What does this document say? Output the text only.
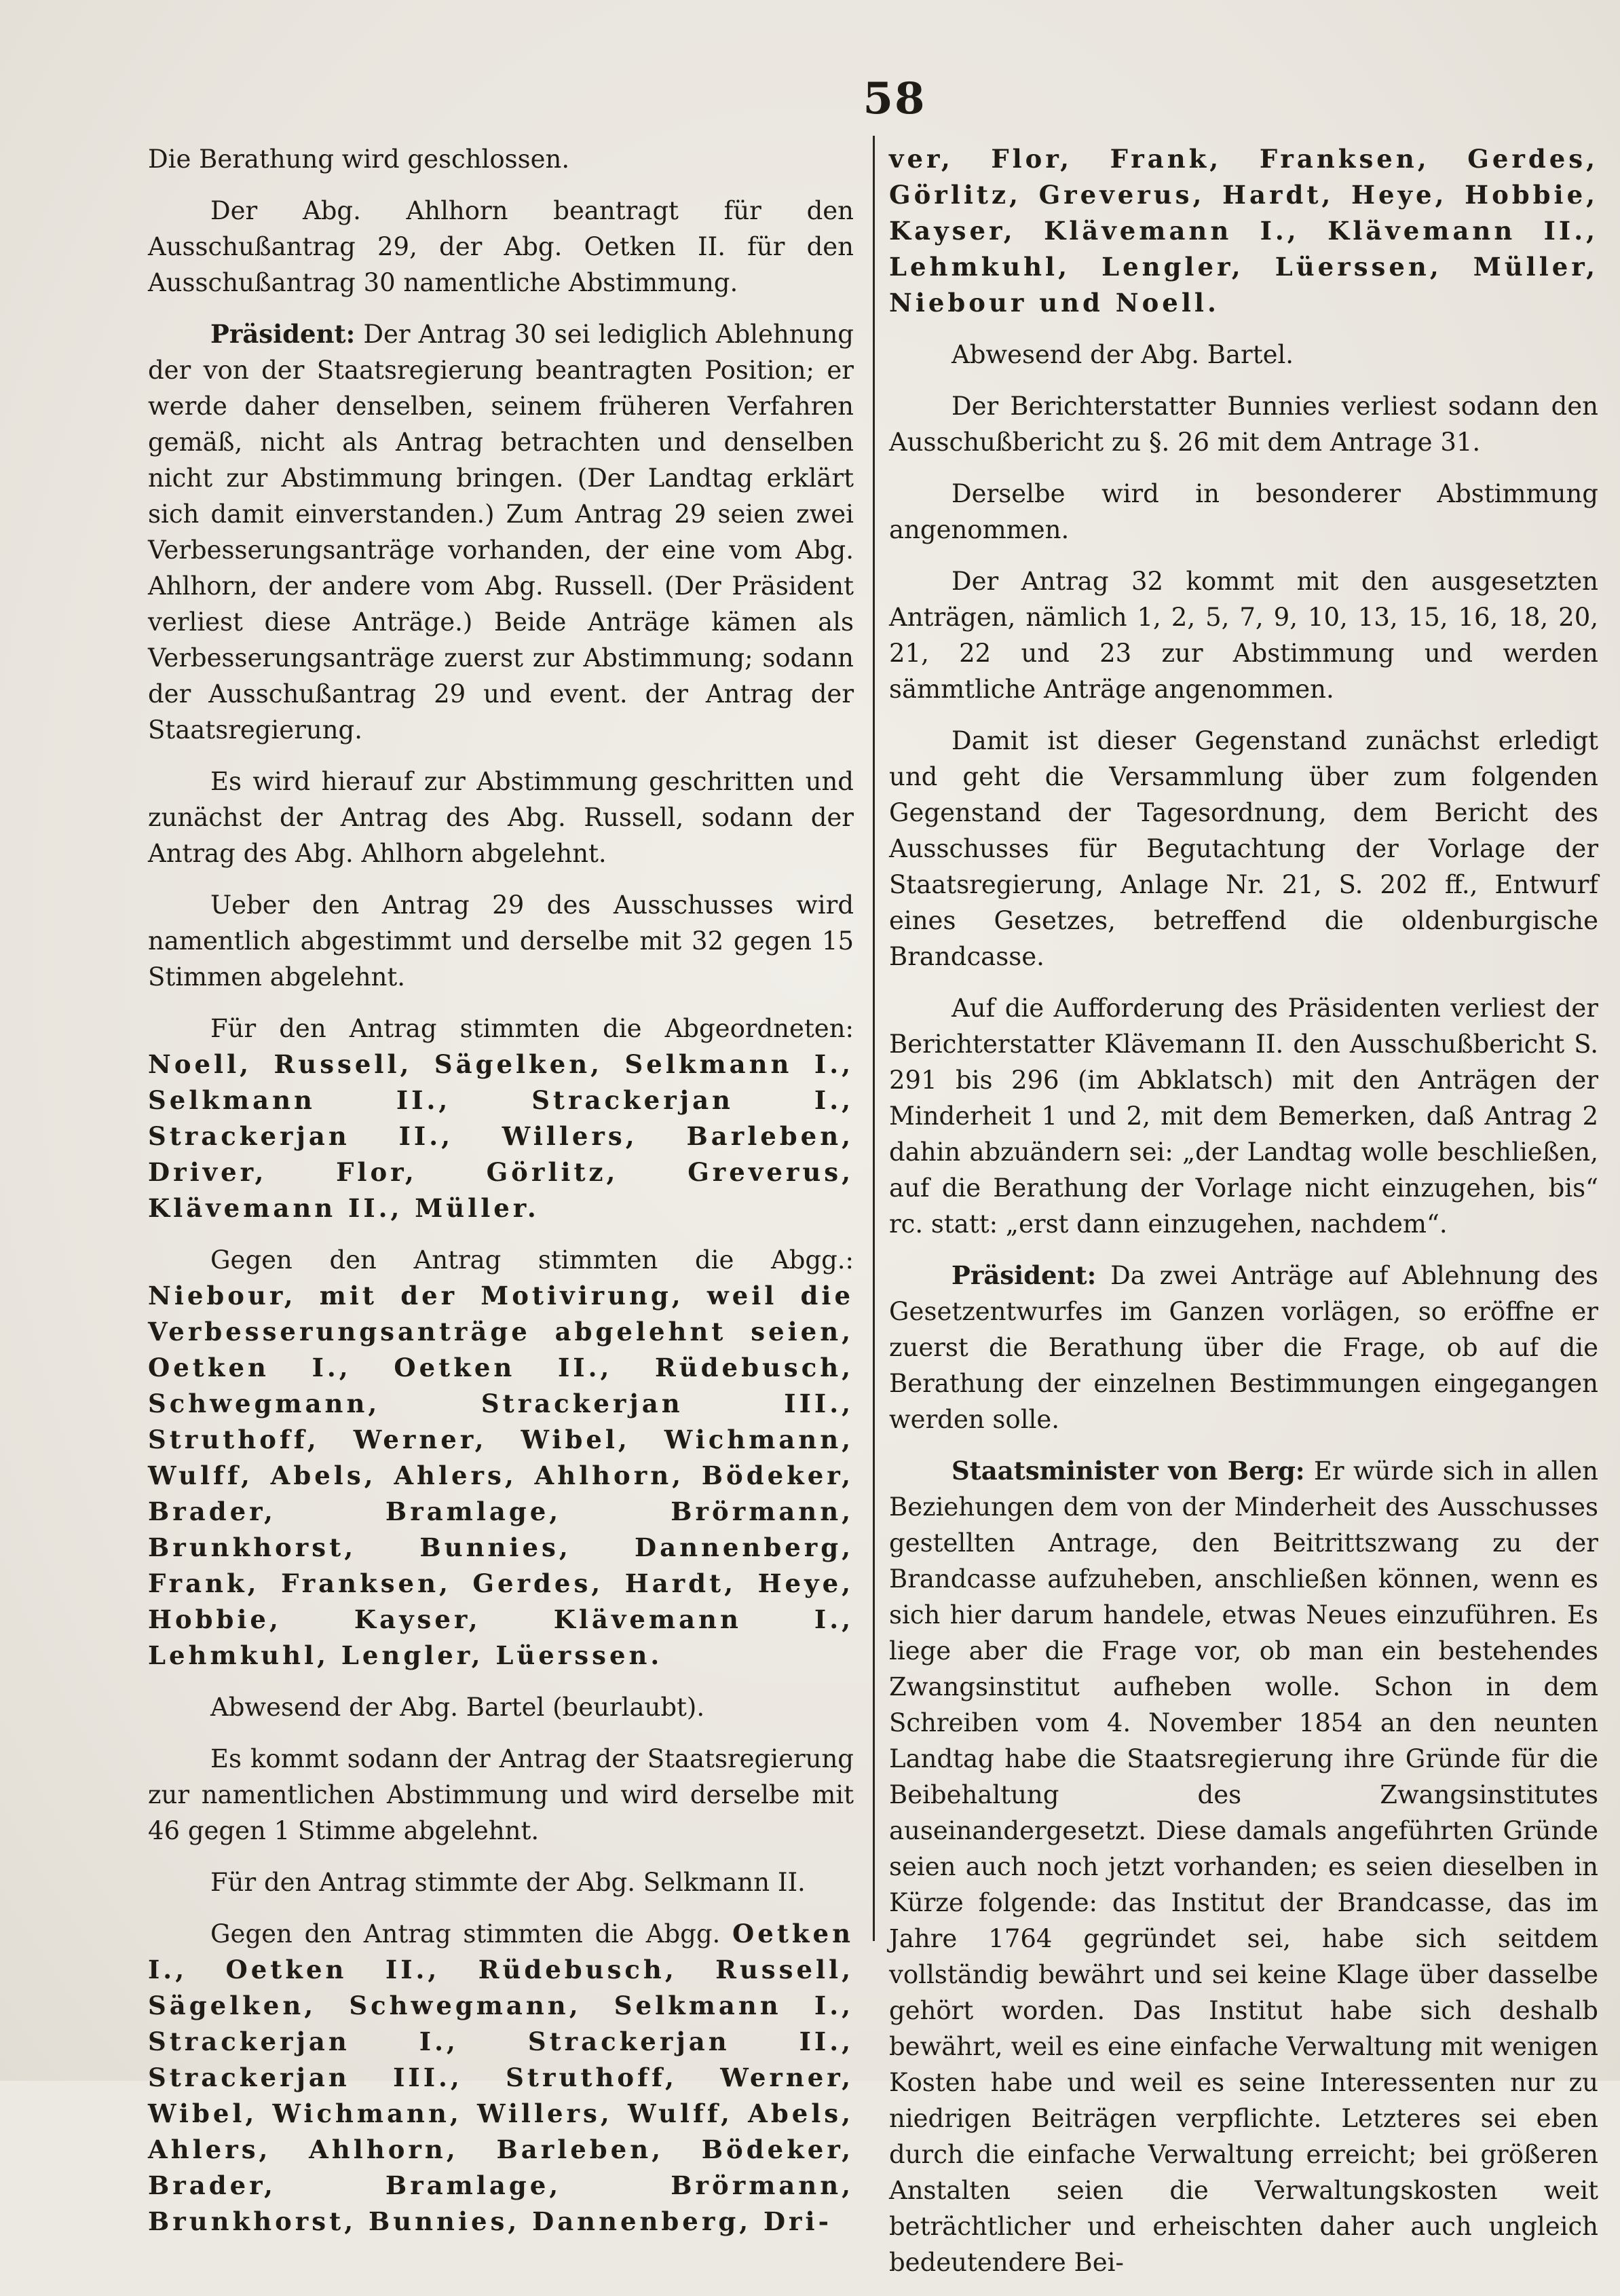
58

Die Berathung wird geschlossen.

Der Abg. Ahlhorn beantragt für den Ausschußantrag 29, der Abg. Oetken II. für den Ausschußantrag 30 namentliche Abstimmung.

Präsident: Der Antrag 30 sei lediglich Ablehnung der von der Staatsregierung beantragten Position; er werde daher denselben, seinem früheren Verfahren gemäß, nicht als Antrag betrachten und denselben nicht zur Abstimmung bringen. (Der Landtag erklärt sich damit einverstanden.) Zum Antrag 29 seien zwei Verbesserungsanträge vorhanden, der eine vom Abg. Ahlhorn, der andere vom Abg. Russell. (Der Präsident verliest diese Anträge.) Beide Anträge kämen als Verbesserungsanträge zuerst zur Abstimmung; sodann der Ausschußantrag 29 und event. der Antrag der Staatsregierung.

Es wird hierauf zur Abstimmung geschritten und zunächst der Antrag des Abg. Russell, sodann der Antrag des Abg. Ahlhorn abgelehnt.

Ueber den Antrag 29 des Ausschusses wird namentlich abgestimmt und derselbe mit 32 gegen 15 Stimmen abgelehnt.

Für den Antrag stimmten die Abgeordneten: Noell, Russell, Sägelken, Selkmann I., Selkmann II., Strackerjan I., Strackerjan II., Willers, Barleben, Driver, Flor, Görlitz, Greverus, Klävemann II., Müller.

Gegen den Antrag stimmten die Abgg.: Niebour, mit der Motivirung, weil die Verbesserungsanträge abgelehnt seien, Oetken I., Oetken II., Rüdebusch, Schwegmann, Strackerjan III., Struthoff, Werner, Wibel, Wichmann, Wulff, Abels, Ahlers, Ahlhorn, Bödeker, Brader, Bramlage, Brörmann, Brunkhorst, Bunnies, Dannenberg, Frank, Franksen, Gerdes, Hardt, Heye, Hobbie, Kayser, Klävemann I., Lehmkuhl, Lengler, Lüerssen.

Abwesend der Abg. Bartel (beurlaubt).

Es kommt sodann der Antrag der Staatsregierung zur namentlichen Abstimmung und wird derselbe mit 46 gegen 1 Stimme abgelehnt.

Für den Antrag stimmte der Abg. Selkmann II.

Gegen den Antrag stimmten die Abgg. Oetken I., Oetken II., Rüdebusch, Russell, Sägelken, Schwegmann, Selkmann I., Strackerjan I., Strackerjan II., Strackerjan III., Struthoff, Werner, Wibel, Wichmann, Willers, Wulff, Abels, Ahlers, Ahlhorn, Barleben, Bödeker, Brader, Bramlage, Brörmann, Brunkhorst, Bunnies, Dannenberg, Dri-

ver, Flor, Frank, Franksen, Gerdes, Görlitz, Greverus, Hardt, Heye, Hobbie, Kayser, Klävemann I., Klävemann II., Lehmkuhl, Lengler, Lüerssen, Müller, Niebour und Noell.

Abwesend der Abg. Bartel.

Der Berichterstatter Bunnies verliest sodann den Ausschußbericht zu §. 26 mit dem Antrage 31.

Derselbe wird in besonderer Abstimmung angenommen.

Der Antrag 32 kommt mit den ausgesetzten Anträgen, nämlich 1, 2, 5, 7, 9, 10, 13, 15, 16, 18, 20, 21, 22 und 23 zur Abstimmung und werden sämmtliche Anträge angenommen.

Damit ist dieser Gegenstand zunächst erledigt und geht die Versammlung über zum folgenden Gegenstand der Tagesordnung, dem Bericht des Ausschusses für Begutachtung der Vorlage der Staatsregierung, Anlage Nr. 21, S. 202 ff., Entwurf eines Gesetzes, betreffend die oldenburgische Brandcasse.

Auf die Aufforderung des Präsidenten verliest der Berichterstatter Klävemann II. den Ausschußbericht S. 291 bis 296 (im Abklatsch) mit den Anträgen der Minderheit 1 und 2, mit dem Bemerken, daß Antrag 2 dahin abzuändern sei: „der Landtag wolle beschließen, auf die Berathung der Vorlage nicht einzugehen, bis“ rc. statt: „erst dann einzugehen, nachdem“.

Präsident: Da zwei Anträge auf Ablehnung des Gesetzentwurfes im Ganzen vorlägen, so eröffne er zuerst die Berathung über die Frage, ob auf die Berathung der einzelnen Bestimmungen eingegangen werden solle.

Staatsminister von Berg: Er würde sich in allen Beziehungen dem von der Minderheit des Ausschusses gestellten Antrage, den Beitrittszwang zu der Brandcasse aufzuheben, anschließen können, wenn es sich hier darum handele, etwas Neues einzuführen. Es liege aber die Frage vor, ob man ein bestehendes Zwangsinstitut aufheben wolle. Schon in dem Schreiben vom 4. November 1854 an den neunten Landtag habe die Staatsregierung ihre Gründe für die Beibehaltung des Zwangsinstitutes auseinandergesetzt. Diese damals angeführten Gründe seien auch noch jetzt vorhanden; es seien dieselben in Kürze folgende: das Institut der Brandcasse, das im Jahre 1764 gegründet sei, habe sich seitdem vollständig bewährt und sei keine Klage über dasselbe gehört worden. Das Institut habe sich deshalb bewährt, weil es eine einfache Verwaltung mit wenigen Kosten habe und weil es seine Interessenten nur zu niedrigen Beiträgen verpflichte. Letzteres sei eben durch die einfache Verwaltung erreicht; bei größeren Anstalten seien die Verwaltungskosten weit beträchtlicher und erheischten daher auch ungleich bedeutendere Bei-
